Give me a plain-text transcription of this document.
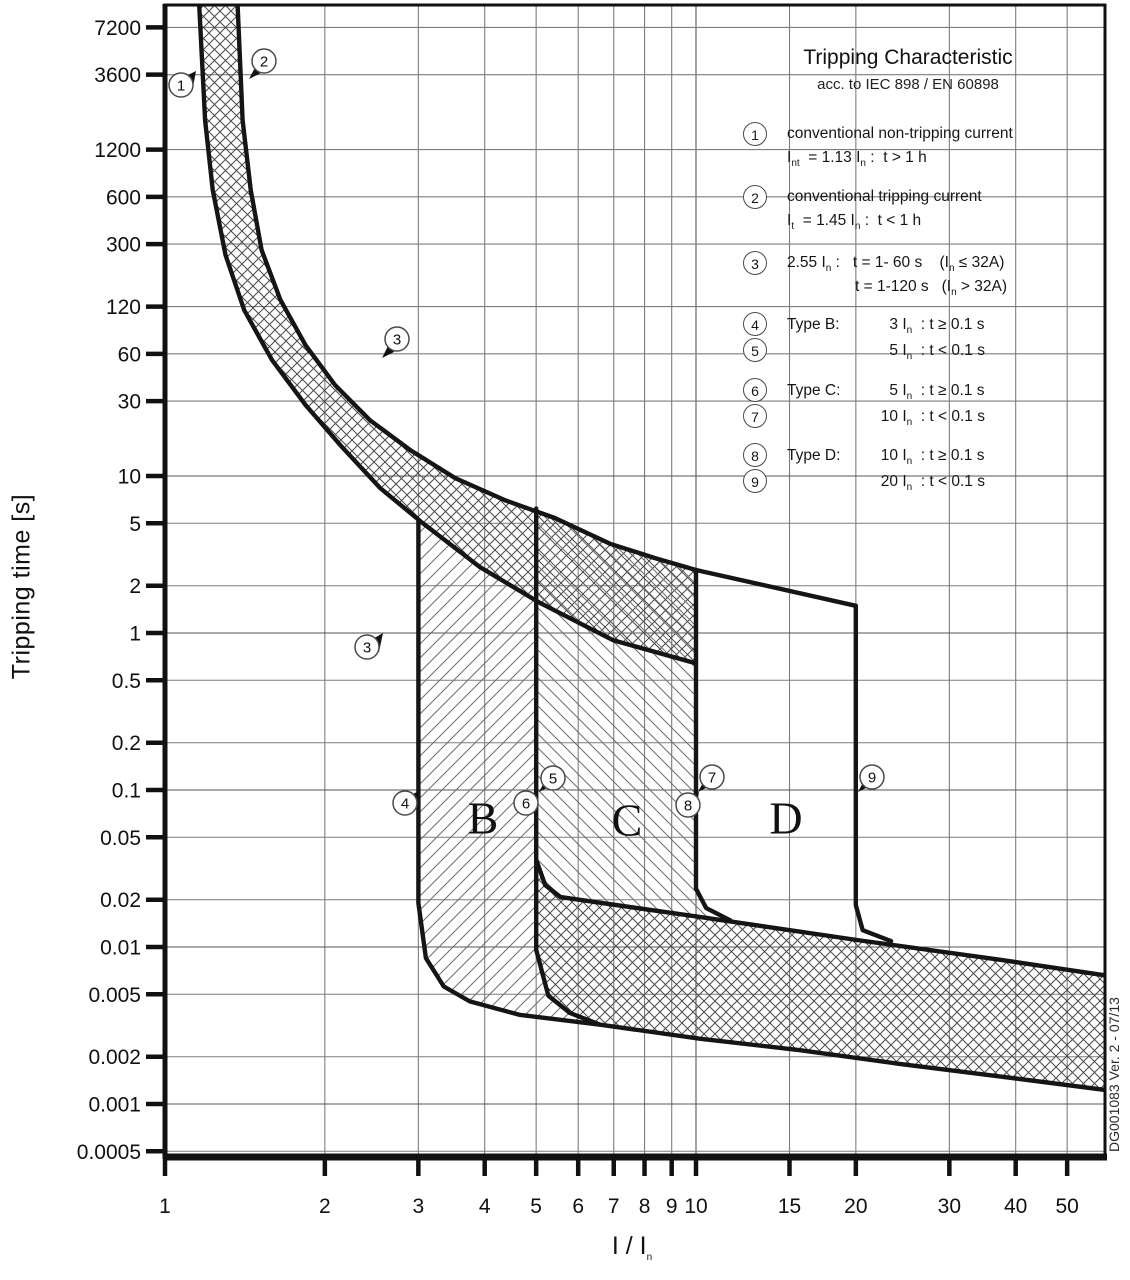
7200
3600
1200
600
300
120
60
30
10
5
2
1
0.5
0.2
0.1
0.05
0.02
0.01
0.005
0.002
0.001
0.0005
1	2	3	4 5 6 7 8 9 10	15 20	30 40 50
B C	D
1
2
3
3
4
5
6
7
8
9
Tripping time [s]
I / $I_n$
DG001083 Ver. 2 - 07/13
Tripping Characteristic
acc. to IEC 898 / EN 60898
1	conventional non-tripping current
$I_{nt} = 1.13$ $I_n$ :  t > 1 h
2	conventional tripping current
$I_t = 1.45$ $I_n$ :  t < 1 h
3	2.55 $I_n$ :   t = 1- 60 s    $(I_n \le 32A)$
t = 1-120 s   $(I_n > 32A)$
4
5
Type B:	3 $I_n$  : t ≥ 0.1 s
5 $I_n$  : t < 0.1 s
6
7
Type C:	5 $I_n$  : t ≥ 0.1 s
10 $I_n$  : t < 0.1 s
8
9
Type D:	10 $I_n$  : t ≥ 0.1 s
20 $I_n$  : t < 0.1 s
